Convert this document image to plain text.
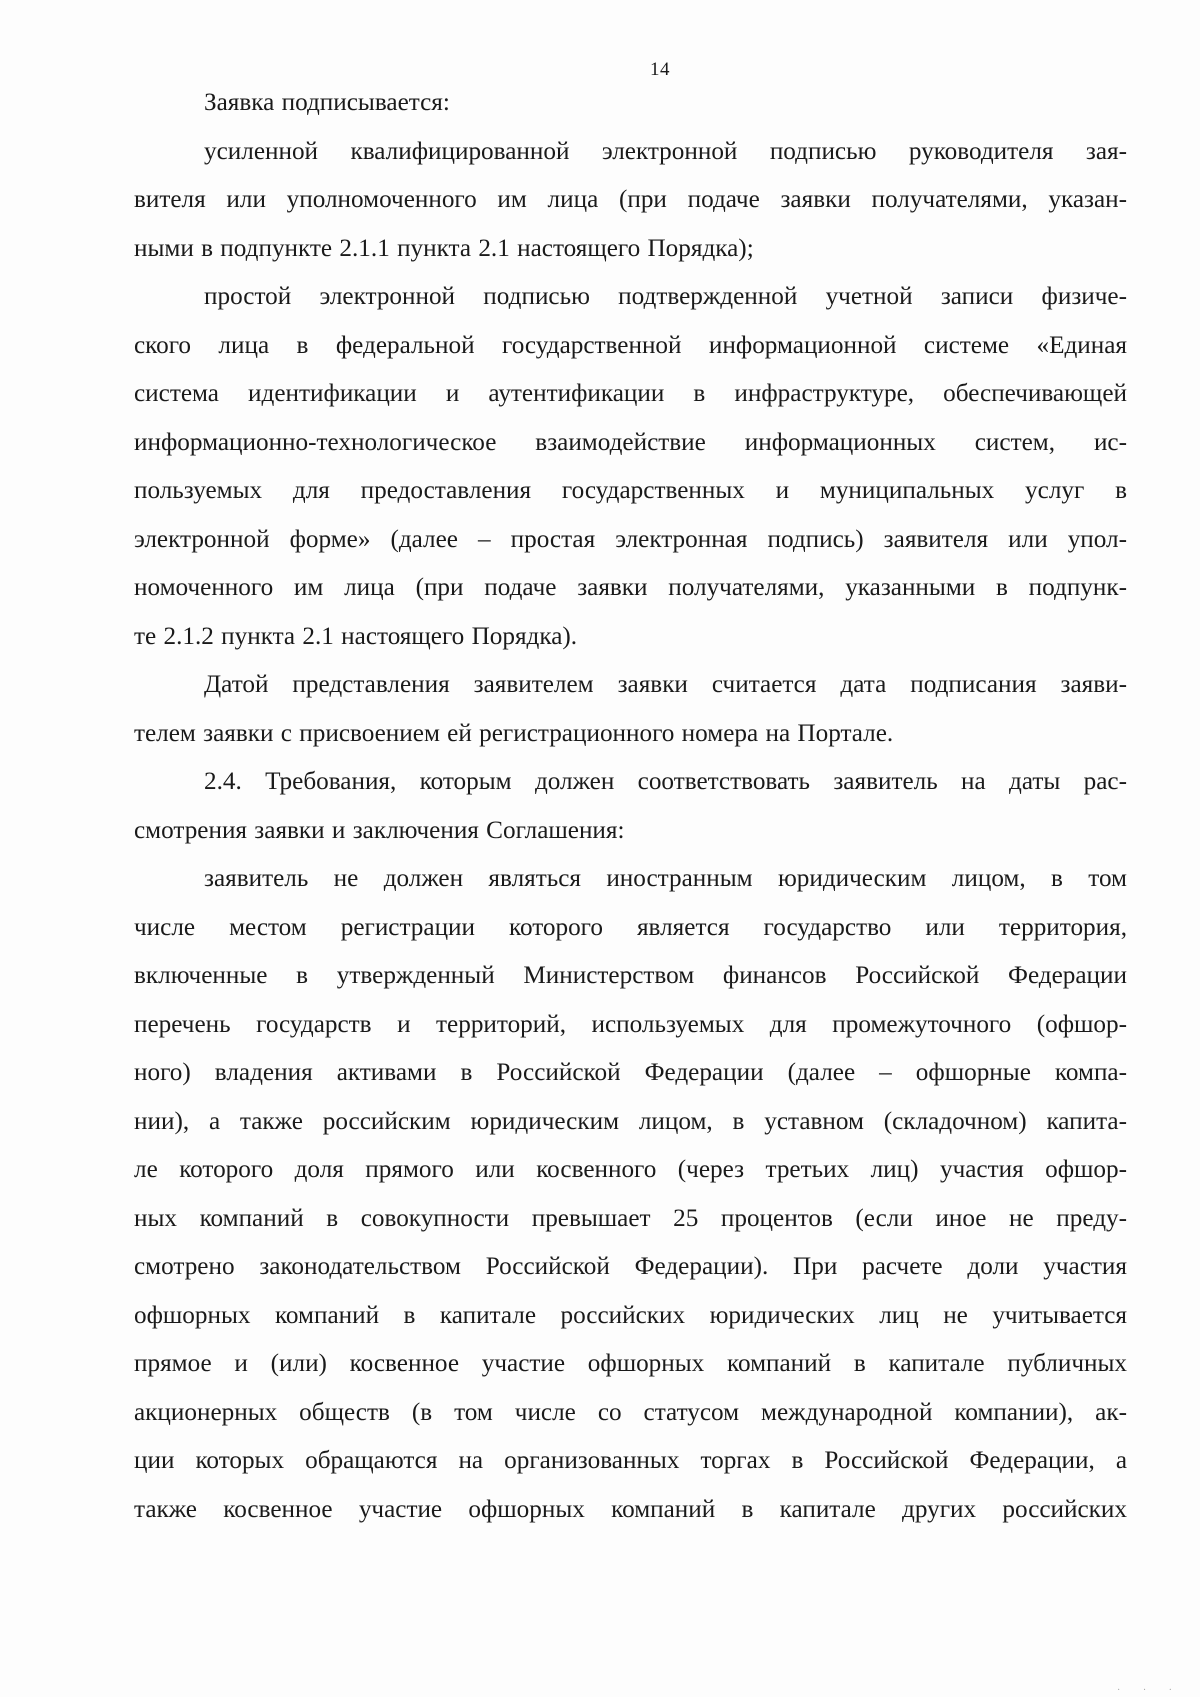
14
Заявка подписывается:
усиленной квалифицированной электронной подписью руководителя зая-
вителя или уполномоченного им лица (при подаче заявки получателями, указан-
ными в подпункте 2.1.1 пункта 2.1 настоящего Порядка);
простой электронной подписью подтвержденной учетной записи физиче-
ского лица в федеральной государственной информационной системе «Единая
система идентификации и аутентификации в инфраструктуре, обеспечивающей
информационно-технологическое взаимодействие информационных систем, ис-
пользуемых для предоставления государственных и муниципальных услуг в
электронной форме» (далее – простая электронная подпись) заявителя или упол-
номоченного им лица (при подаче заявки получателями, указанными в подпунк-
те 2.1.2 пункта 2.1 настоящего Порядка).
Датой представления заявителем заявки считается дата подписания заяви-
телем заявки с присвоением ей регистрационного номера на Портале.
2.4. Требования, которым должен соответствовать заявитель на даты рас-
смотрения заявки и заключения Соглашения:
заявитель не должен являться иностранным юридическим лицом, в том
числе местом регистрации которого является государство или территория,
включенные в утвержденный Министерством финансов Российской Федерации
перечень государств и территорий, используемых для промежуточного (офшор-
ного) владения активами в Российской Федерации (далее – офшорные компа-
нии), а также российским юридическим лицом, в уставном (складочном) капита-
ле которого доля прямого или косвенного (через третьих лиц) участия офшор-
ных компаний в совокупности превышает 25 процентов (если иное не преду-
смотрено законодательством Российской Федерации). При расчете доли участия
офшорных компаний в капитале российских юридических лиц не учитывается
прямое и (или) косвенное участие офшорных компаний в капитале публичных
акционерных обществ (в том числе со статусом международной компании), ак-
ции которых обращаются на организованных торгах в Российской Федерации, а
также косвенное участие офшорных компаний в капитале других российских
· · ·
